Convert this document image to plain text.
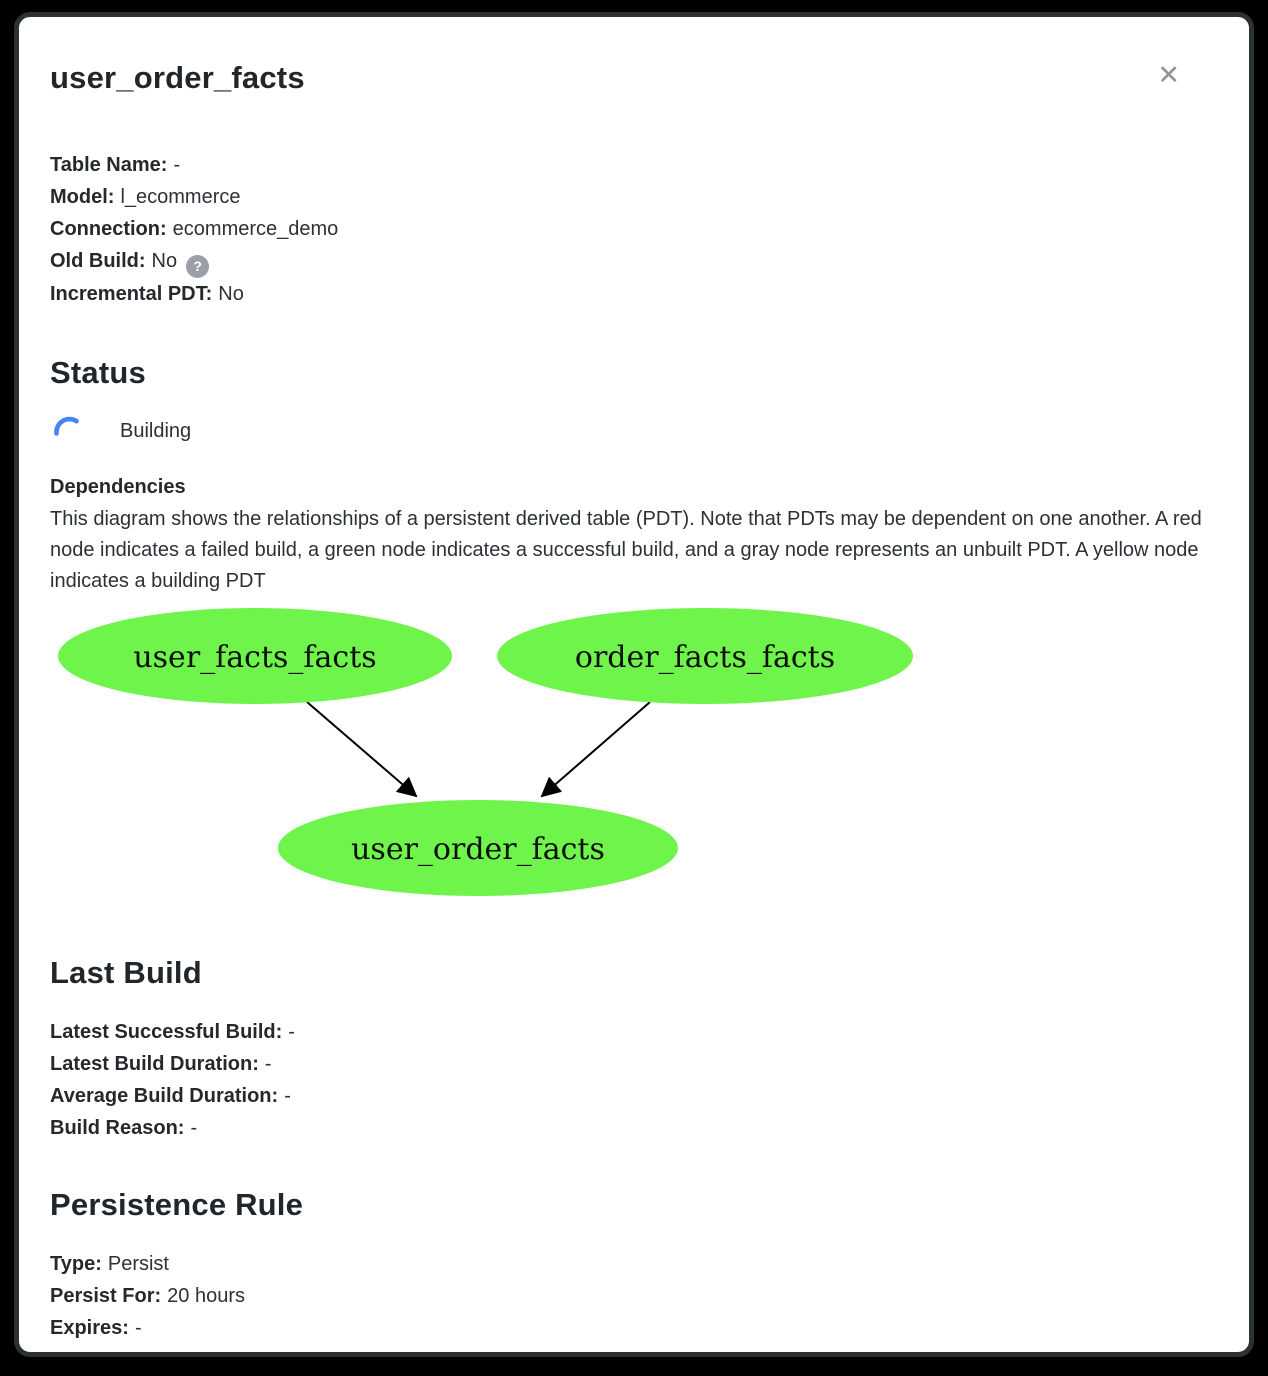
user_order_facts	✕
Table Name: -
Model: l_ecommerce
Connection: ecommerce_demo
Old Build: No ?
Incremental PDT: No
Status
Building
Dependencies
This diagram shows the relationships of a persistent derived table (PDT). Note that PDTs may be dependent on one another. A red node indicates a failed build, a green node indicates a successful build, and a gray node represents an unbuilt PDT. A yellow node indicates a building PDT
user_facts_facts	order_facts_facts
user_order_facts
Last Build
Latest Successful Build: -
Latest Build Duration: -
Average Build Duration: -
Build Reason: -
Persistence Rule
Type: Persist
Persist For: 20 hours
Expires: -
